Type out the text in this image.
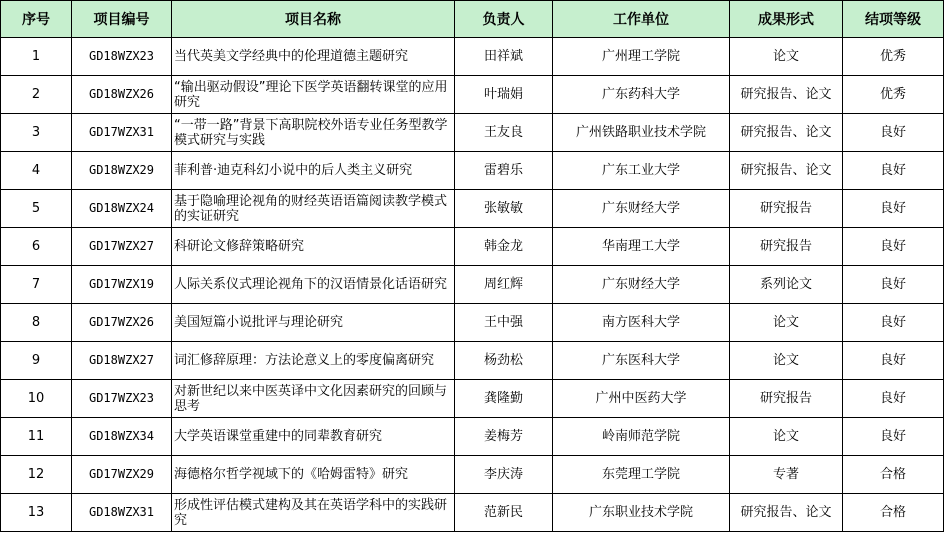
序号	项目编号	项目名称	负责人	工作单位	成果形式	结项等级
1	GD18WZX23	当代英美文学经典中的伦理道德主题研究	田祥斌	广州理工学院	论文	优秀
2	GD18WZX26	“输出驱动假设”理论下医学英语翻转课堂的应用研究	叶瑞娟	广东药科大学	研究报告、论文	优秀
3	GD17WZX31	“一带一路”背景下高职院校外语专业任务型教学模式研究与实践	王友良	广州铁路职业技术学院	研究报告、论文	良好
4	GD18WZX29	菲利普·迪克科幻小说中的后人类主义研究	雷碧乐	广东工业大学	研究报告、论文	良好
5	GD18WZX24	基于隐喻理论视角的财经英语语篇阅读教学模式的实证研究	张敏敏	广东财经大学	研究报告	良好
6	GD17WZX27	科研论文修辞策略研究	韩金龙	华南理工大学	研究报告	良好
7	GD17WZX19	人际关系仪式理论视角下的汉语情景化话语研究	周红辉	广东财经大学	系列论文	良好
8	GD17WZX26	美国短篇小说批评与理论研究	王中强	南方医科大学	论文	良好
9	GD18WZX27	词汇修辞原理：方法论意义上的零度偏离研究	杨劲松	广东医科大学	论文	良好
10	GD17WZX23	对新世纪以来中医英译中文化因素研究的回顾与思考	龚隆勤	广州中医药大学	研究报告	良好
11	GD18WZX34	大学英语课堂重建中的同辈教育研究	姜梅芳	岭南师范学院	论文	良好
12	GD17WZX29	海德格尔哲学视域下的《哈姆雷特》研究	李庆涛	东莞理工学院	专著	合格
13	GD18WZX31	形成性评估模式建构及其在英语学科中的实践研究	范新民	广东职业技术学院	研究报告、论文	合格
